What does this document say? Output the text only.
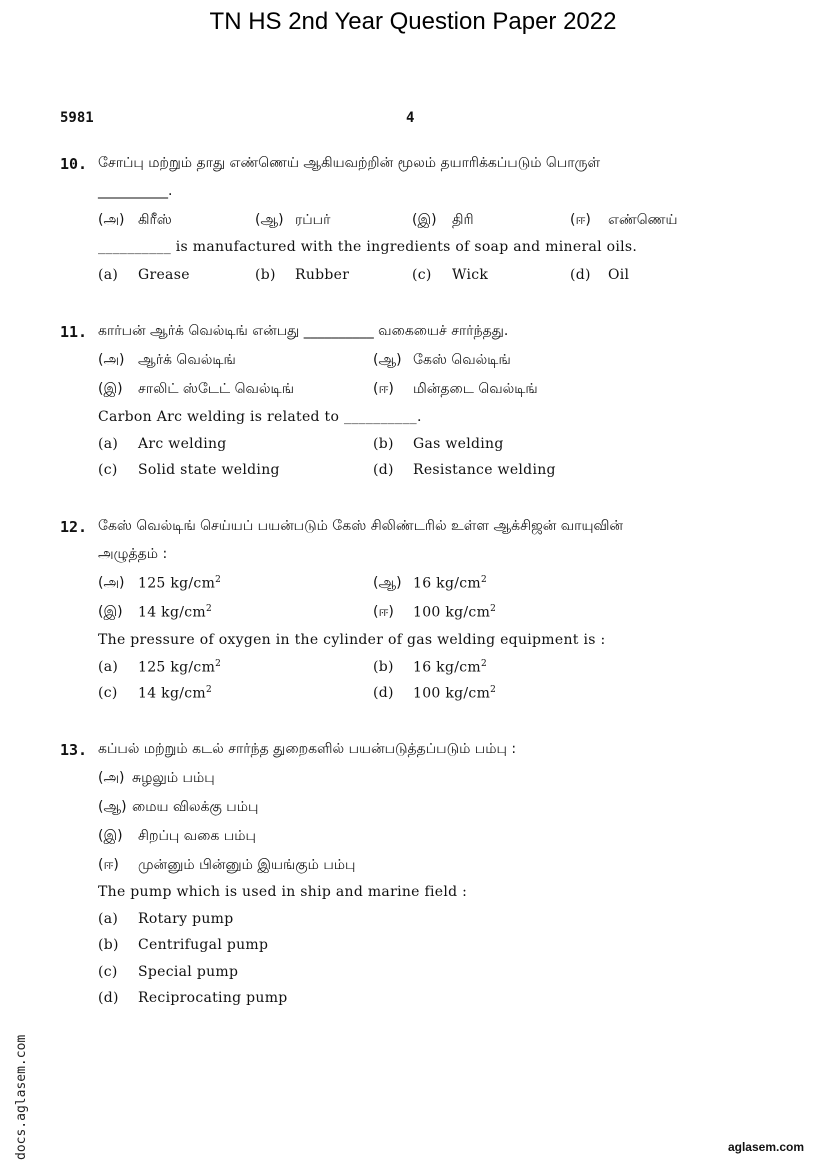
TN HS 2nd Year Question Paper 2022
5981	4
10. சோப்பு மற்றும் தாது எண்ணெய் ஆகியவற்றின் மூலம் தயாரிக்கப்படும் பொருள்
__________.
(அ) கிரீஸ்	(ஆ) ரப்பர்	(இ) திரி	(ஈ) எண்ணெய்
__________ is manufactured with the ingredients of soap and mineral oils.
(a) Grease	(b) Rubber	(c) Wick	(d) Oil
11. கார்பன் ஆர்க் வெல்டிங் என்பது __________ வகையைச் சார்ந்தது.
(அ) ஆர்க் வெல்டிங்	(ஆ) கேஸ் வெல்டிங்
(இ) சாலிட் ஸ்டேட் வெல்டிங்	(ஈ) மின்தடை வெல்டிங்
Carbon Arc welding is related to __________.
(a) Arc welding	(b) Gas welding
(c) Solid state welding	(d) Resistance welding
12. கேஸ் வெல்டிங் செய்யப் பயன்படும் கேஸ் சிலிண்டரில் உள்ள ஆக்சிஜன் வாயுவின்
அழுத்தம் :
(அ) 125 $kg/cm^2$	(ஆ) 16 $kg/cm^2$
(இ) 14 $kg/cm^2$	(ஈ) 100 $kg/cm^2$
The pressure of oxygen in the cylinder of gas welding equipment is :
(a) 125 $kg/cm^2$	(b) 16 $kg/cm^2$
(c) 14 $kg/cm^2$	(d) 100 $kg/cm^2$
13. கப்பல் மற்றும் கடல் சார்ந்த துறைகளில் பயன்படுத்தப்படும் பம்பு :
(அ) சுழலும் பம்பு
(ஆ) மைய விலக்கு பம்பு
(இ) சிறப்பு வகை பம்பு
(ஈ) முன்னும் பின்னும் இயங்கும் பம்பு
The pump which is used in ship and marine field :
(a) Rotary pump
(b) Centrifugal pump
(c) Special pump
(d) Reciprocating pump
docs.aglasem.com	aglasem.com
